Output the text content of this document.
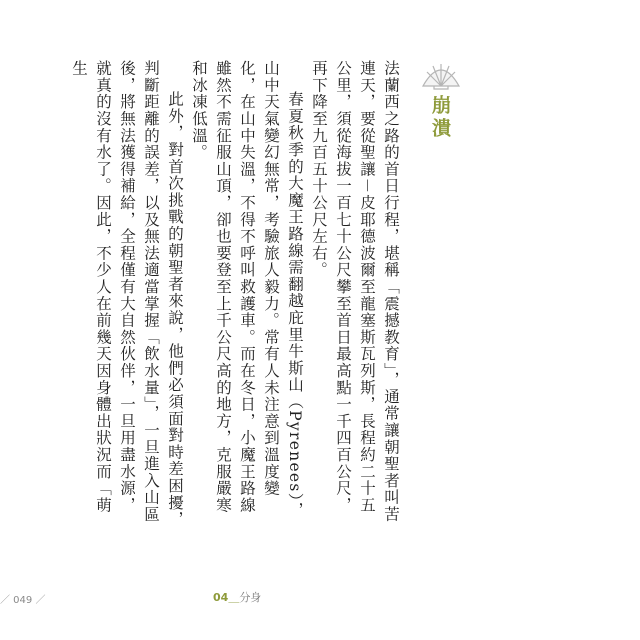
崩潰

法蘭西之路的首日行程，堪稱「震撼教育」，通常讓朝聖者叫苦連天，要從聖讓－皮耶德波爾至龍塞斯瓦列斯，長程約二十五公里，須從海拔一百七十公尺攀至首日最高點一千四百公尺，再下降至九百五十公尺左右。

春夏秋季的大魔王路線需翻越庇里牛斯山（Pyrenees），山中天氣變幻無常，考驗旅人毅力。常有人未注意到溫度變化，在山中失溫，不得不呼叫救護車。而在冬日，小魔王路線雖然不需征服山頂，卻也要登至上千公尺高的地方，克服嚴寒和冰凍低溫。

此外，對首次挑戰的朝聖者來說，他們必須面對時差困擾，判斷距離的誤差，以及無法適當掌握「飲水量」，一旦進入山區後，將無法獲得補給，全程僅有大自然伙伴，一旦用盡水源，就真的沒有水了。因此，不少人在前幾天因身體出狀況而「萌生

／ 049 ／	04＿分身
